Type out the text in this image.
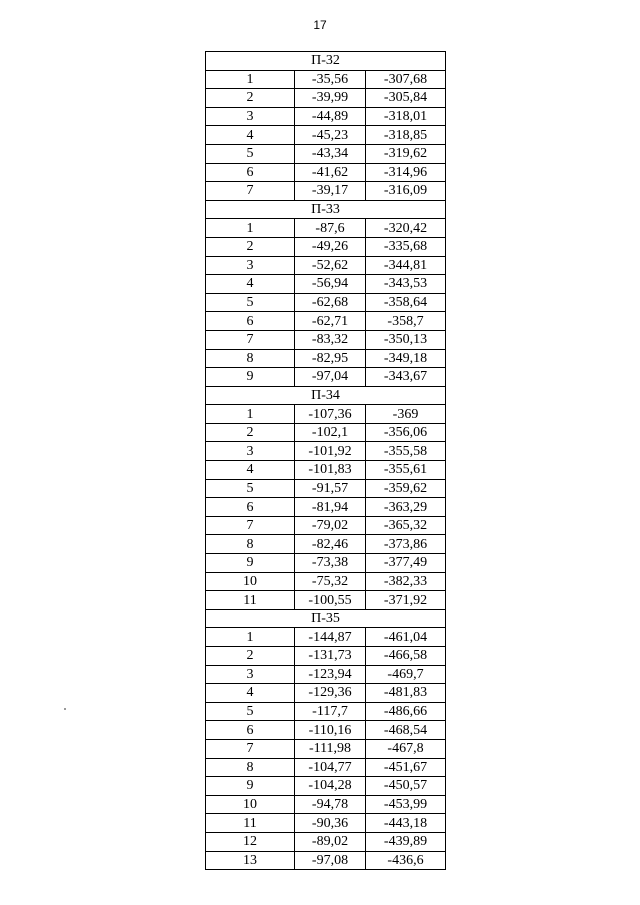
17
П-32		
1	-35,56	-307,68
2	-39,99	-305,84
3	-44,89	-318,01
4	-45,23	-318,85
5	-43,34	-319,62
6	-41,62	-314,96
7	-39,17	-316,09
П-33		
1	-87,6	-320,42
2	-49,26	-335,68
3	-52,62	-344,81
4	-56,94	-343,53
5	-62,68	-358,64
6	-62,71	-358,7
7	-83,32	-350,13
8	-82,95	-349,18
9	-97,04	-343,67
П-34		
1	-107,36	-369
2	-102,1	-356,06
3	-101,92	-355,58
4	-101,83	-355,61
5	-91,57	-359,62
6	-81,94	-363,29
7	-79,02	-365,32
8	-82,46	-373,86
9	-73,38	-377,49
10	-75,32	-382,33
11	-100,55	-371,92
П-35		
1	-144,87	-461,04
2	-131,73	-466,58
3	-123,94	-469,7
4	-129,36	-481,83
5	-117,7	-486,66
6	-110,16	-468,54
7	-111,98	-467,8
8	-104,77	-451,67
9	-104,28	-450,57
10	-94,78	-453,99
11	-90,36	-443,18
12	-89,02	-439,89
13	-97,08	-436,6
